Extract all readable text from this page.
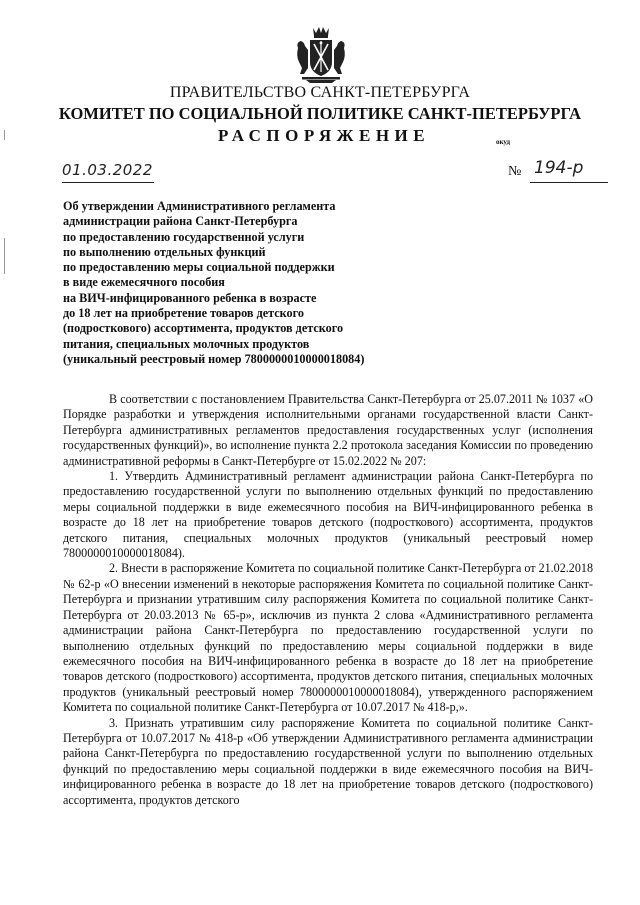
ПРАВИТЕЛЬСТВО САНКТ-ПЕТЕРБУРГА
КОМИТЕТ ПО СОЦИАЛЬНОЙ ПОЛИТИКЕ САНКТ-ПЕТЕРБУРГА
РАСПОРЯЖЕНИЕ	окуд
01.03.2022	№ 194-р
Об утверждении Административного регламента
администрации района Санкт-Петербурга
по предоставлению государственной услуги
по выполнению отдельных функций
по предоставлению меры социальной поддержки
в виде ежемесячного пособия
на ВИЧ-инфицированного ребенка в возрасте
до 18 лет на приобретение товаров детского
(подросткового) ассортимента, продуктов детского
питания, специальных молочных продуктов
(уникальный реестровый номер 7800000010000018084)

В соответствии с постановлением Правительства Санкт-Петербурга от 25.07.2011 № 1037 «О Порядке разработки и утверждения исполнительными органами государственной власти Санкт-Петербурга административных регламентов предоставления государственных услуг (исполнения государственных функций)», во исполнение пункта 2.2 протокола заседания Комиссии по проведению административной реформы в Санкт-Петербурге от 15.02.2022 № 207:

1. Утвердить Административный регламент администрации района Санкт-Петербурга по предоставлению государственной услуги по выполнению отдельных функций по предоставлению меры социальной поддержки в виде ежемесячного пособия на ВИЧ-инфицированного ребенка в возрасте до 18 лет на приобретение товаров детского (подросткового) ассортимента, продуктов детского питания, специальных молочных продуктов (уникальный реестровый номер 7800000010000018084).

2. Внести в распоряжение Комитета по социальной политике Санкт-Петербурга от 21.02.2018 № 62-р «О внесении изменений в некоторые распоряжения Комитета по социальной политике Санкт-Петербурга и признании утратившим силу распоряжения Комитета по социальной политике Санкт-Петербурга от 20.03.2013 № 65-р», исключив из пункта 2 слова «Административного регламента администрации района Санкт-Петербурга по предоставлению государственной услуги по выполнению отдельных функций по предоставлению меры социальной поддержки в виде ежемесячного пособия на ВИЧ-инфицированного ребенка в возрасте до 18 лет на приобретение товаров детского (подросткового) ассортимента, продуктов детского питания, специальных молочных продуктов (уникальный реестровый номер 7800000010000018084), утвержденного распоряжением Комитета по социальной политике Санкт-Петербурга от 10.07.2017 № 418-р,».

3. Признать утратившим силу распоряжение Комитета по социальной политике Санкт-Петербурга от 10.07.2017 № 418-р «Об утверждении Административного регламента администрации района Санкт-Петербурга по предоставлению государственной услуги по выполнению отдельных функций по предоставлению меры социальной поддержки в виде ежемесячного пособия на ВИЧ-инфицированного ребенка в возрасте до 18 лет на приобретение товаров детского (подросткового) ассортимента, продуктов детского
